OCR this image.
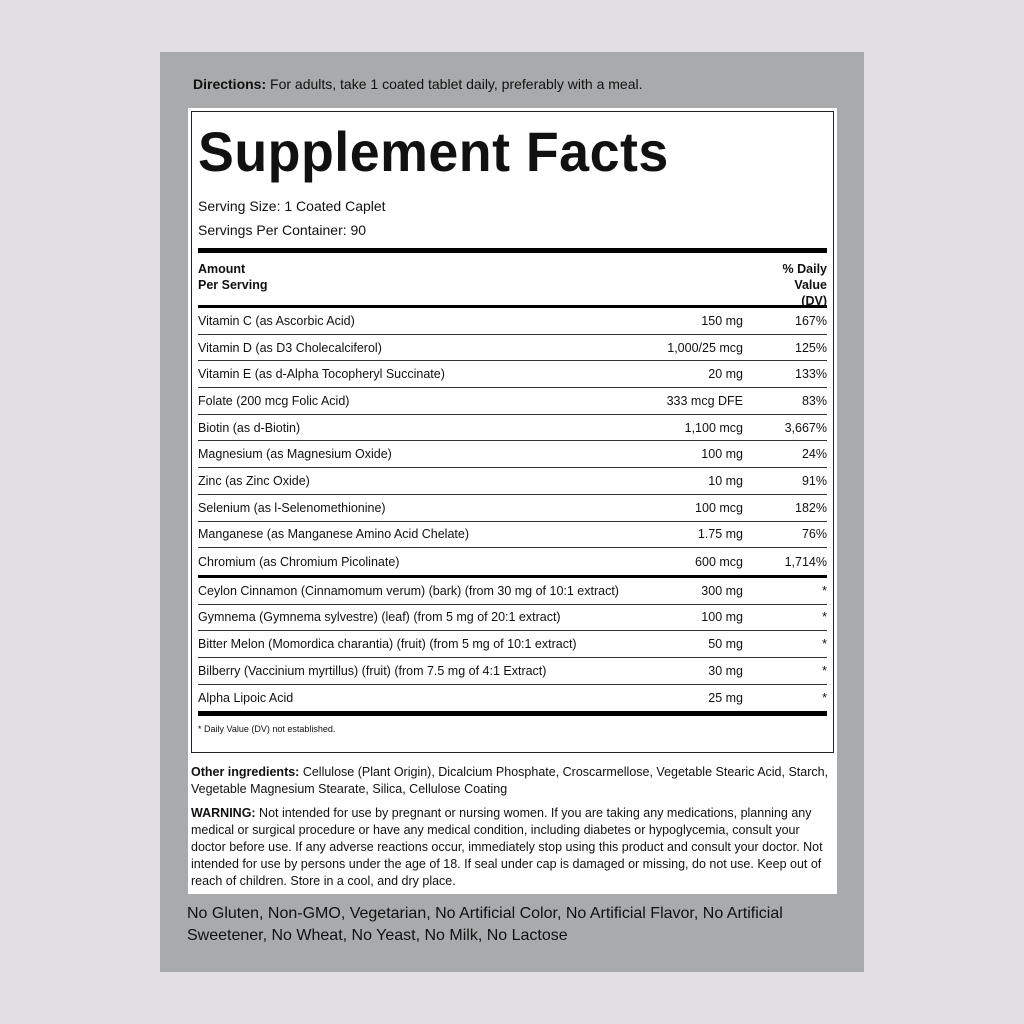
Directions: For adults, take 1 coated tablet daily, preferably with a meal.
Supplement Facts
Serving Size: 1 Coated Caplet
Servings Per Container: 90
Amount
Per Serving
% Daily
Value
(DV)
Vitamin C (as Ascorbic Acid)	150 mg	167%
Vitamin D (as D3 Cholecalciferol)	1,000/25 mcg	125%
Vitamin E (as d-Alpha Tocopheryl Succinate)	20 mg	133%
Folate (200 mcg Folic Acid)	333 mcg DFE	83%
Biotin (as d-Biotin)	1,100 mcg	3,667%
Magnesium (as Magnesium Oxide)	100 mg	24%
Zinc (as Zinc Oxide)	10 mg	91%
Selenium (as l-Selenomethionine)	100 mcg	182%
Manganese (as Manganese Amino Acid Chelate)	1.75 mg	76%
Chromium (as Chromium Picolinate)	600 mcg	1,714%
Ceylon Cinnamon (Cinnamomum verum) (bark) (from 30 mg of 10:1 extract)	300 mg	*
Gymnema (Gymnema sylvestre) (leaf) (from 5 mg of 20:1 extract)	100 mg	*
Bitter Melon (Momordica charantia) (fruit) (from 5 mg of 10:1 extract)	50 mg	*
Bilberry (Vaccinium myrtillus) (fruit) (from 7.5 mg of 4:1 Extract)	30 mg	*
Alpha Lipoic Acid	25 mg	*
* Daily Value (DV) not established.
Other ingredients: Cellulose (Plant Origin), Dicalcium Phosphate, Croscarmellose, Vegetable Stearic Acid, Starch, Vegetable Magnesium Stearate, Silica, Cellulose Coating
WARNING: Not intended for use by pregnant or nursing women. If you are taking any medications, planning any medical or surgical procedure or have any medical condition, including diabetes or hypoglycemia, consult your doctor before use. If any adverse reactions occur, immediately stop using this product and consult your doctor. Not intended for use by persons under the age of 18. If seal under cap is damaged or missing, do not use. Keep out of reach of children. Store in a cool, and dry place.
No Gluten, Non-GMO, Vegetarian, No Artificial Color, No Artificial Flavor, No Artificial Sweetener, No Wheat, No Yeast, No Milk, No Lactose
